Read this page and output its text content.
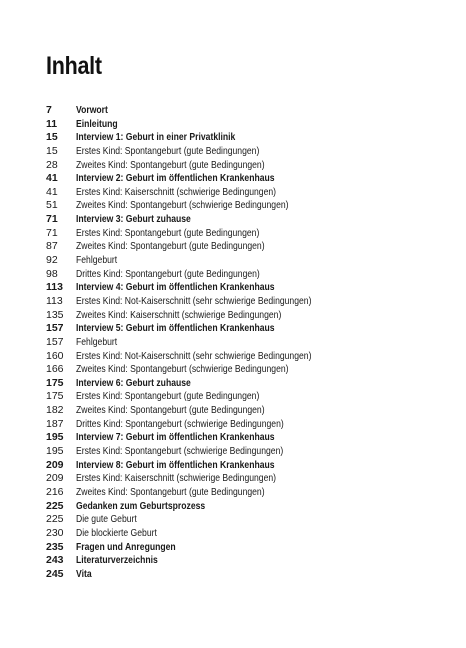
Inhalt
7	Vorwort
11	Einleitung
15	Interview 1: Geburt in einer Privatklinik
15	Erstes Kind: Spontangeburt (gute Bedingungen)
28	Zweites Kind: Spontangeburt (gute Bedingungen)
41	Interview 2: Geburt im öffentlichen Krankenhaus
41	Erstes Kind: Kaiserschnitt (schwierige Bedingungen)
51	Zweites Kind: Spontangeburt (schwierige Bedingungen)
71	Interview 3: Geburt zuhause
71	Erstes Kind: Spontangeburt (gute Bedingungen)
87	Zweites Kind: Spontangeburt (gute Bedingungen)
92	Fehlgeburt
98	Drittes Kind: Spontangeburt (gute Bedingungen)
113	Interview 4: Geburt im öffentlichen Krankenhaus
113	Erstes Kind: Not-Kaiserschnitt (sehr schwierige Bedingungen)
135	Zweites Kind: Kaiserschnitt (schwierige Bedingungen)
157	Interview 5: Geburt im öffentlichen Krankenhaus
157	Fehlgeburt
160	Erstes Kind: Not-Kaiserschnitt (sehr schwierige Bedingungen)
166	Zweites Kind: Spontangeburt (schwierige Bedingungen)
175	Interview 6: Geburt zuhause
175	Erstes Kind: Spontangeburt (gute Bedingungen)
182	Zweites Kind: Spontangeburt (gute Bedingungen)
187	Drittes Kind: Spontangeburt (schwierige Bedingungen)
195	Interview 7: Geburt im öffentlichen Krankenhaus
195	Erstes Kind: Spontangeburt (schwierige Bedingungen)
209	Interview 8: Geburt im öffentlichen Krankenhaus
209	Erstes Kind: Kaiserschnitt (schwierige Bedingungen)
216	Zweites Kind: Spontangeburt (gute Bedingungen)
225	Gedanken zum Geburtsprozess
225	Die gute Geburt
230	Die blockierte Geburt
235	Fragen und Anregungen
243	Literaturverzeichnis
245	Vita
